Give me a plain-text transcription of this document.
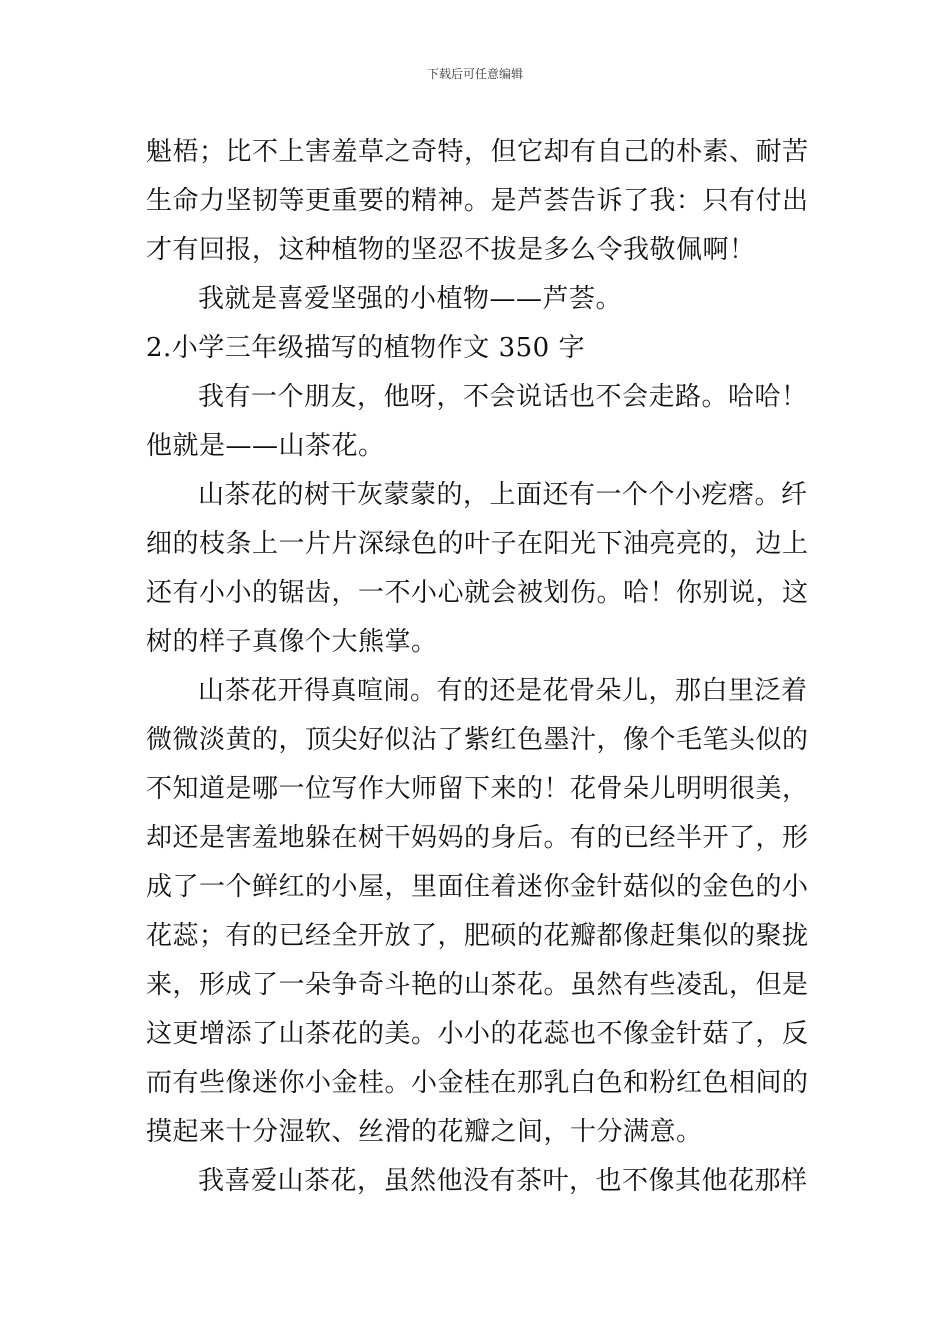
下载后可任意编辑
魁梧；比不上害羞草之奇特，但它却有自己的朴素、耐苦
生命力坚韧等更重要的精神。是芦荟告诉了我：只有付出
才有回报，这种植物的坚忍不拔是多么令我敬佩啊！
我就是喜爱坚强的小植物——芦荟。
2.小学三年级描写的植物作文 350 字
我有一个朋友，他呀，不会说话也不会走路。哈哈！
他就是——山茶花。
山茶花的树干灰蒙蒙的，上面还有一个个小疙瘩。纤
细的枝条上一片片深绿色的叶子在阳光下油亮亮的，边上
还有小小的锯齿，一不小心就会被划伤。哈！你别说，这
树的样子真像个大熊掌。
山茶花开得真喧闹。有的还是花骨朵儿，那白里泛着
微微淡黄的，顶尖好似沾了紫红色墨汁，像个毛笔头似的
不知道是哪一位写作大师留下来的！花骨朵儿明明很美，
却还是害羞地躲在树干妈妈的身后。有的已经半开了，形
成了一个鲜红的小屋，里面住着迷你金针菇似的金色的小
花蕊；有的已经全开放了，肥硕的花瓣都像赶集似的聚拢
来，形成了一朵争奇斗艳的山茶花。虽然有些凌乱，但是
这更增添了山茶花的美。小小的花蕊也不像金针菇了，反
而有些像迷你小金桂。小金桂在那乳白色和粉红色相间的
摸起来十分湿软、丝滑的花瓣之间，十分满意。
我喜爱山茶花，虽然他没有茶叶，也不像其他花那样
